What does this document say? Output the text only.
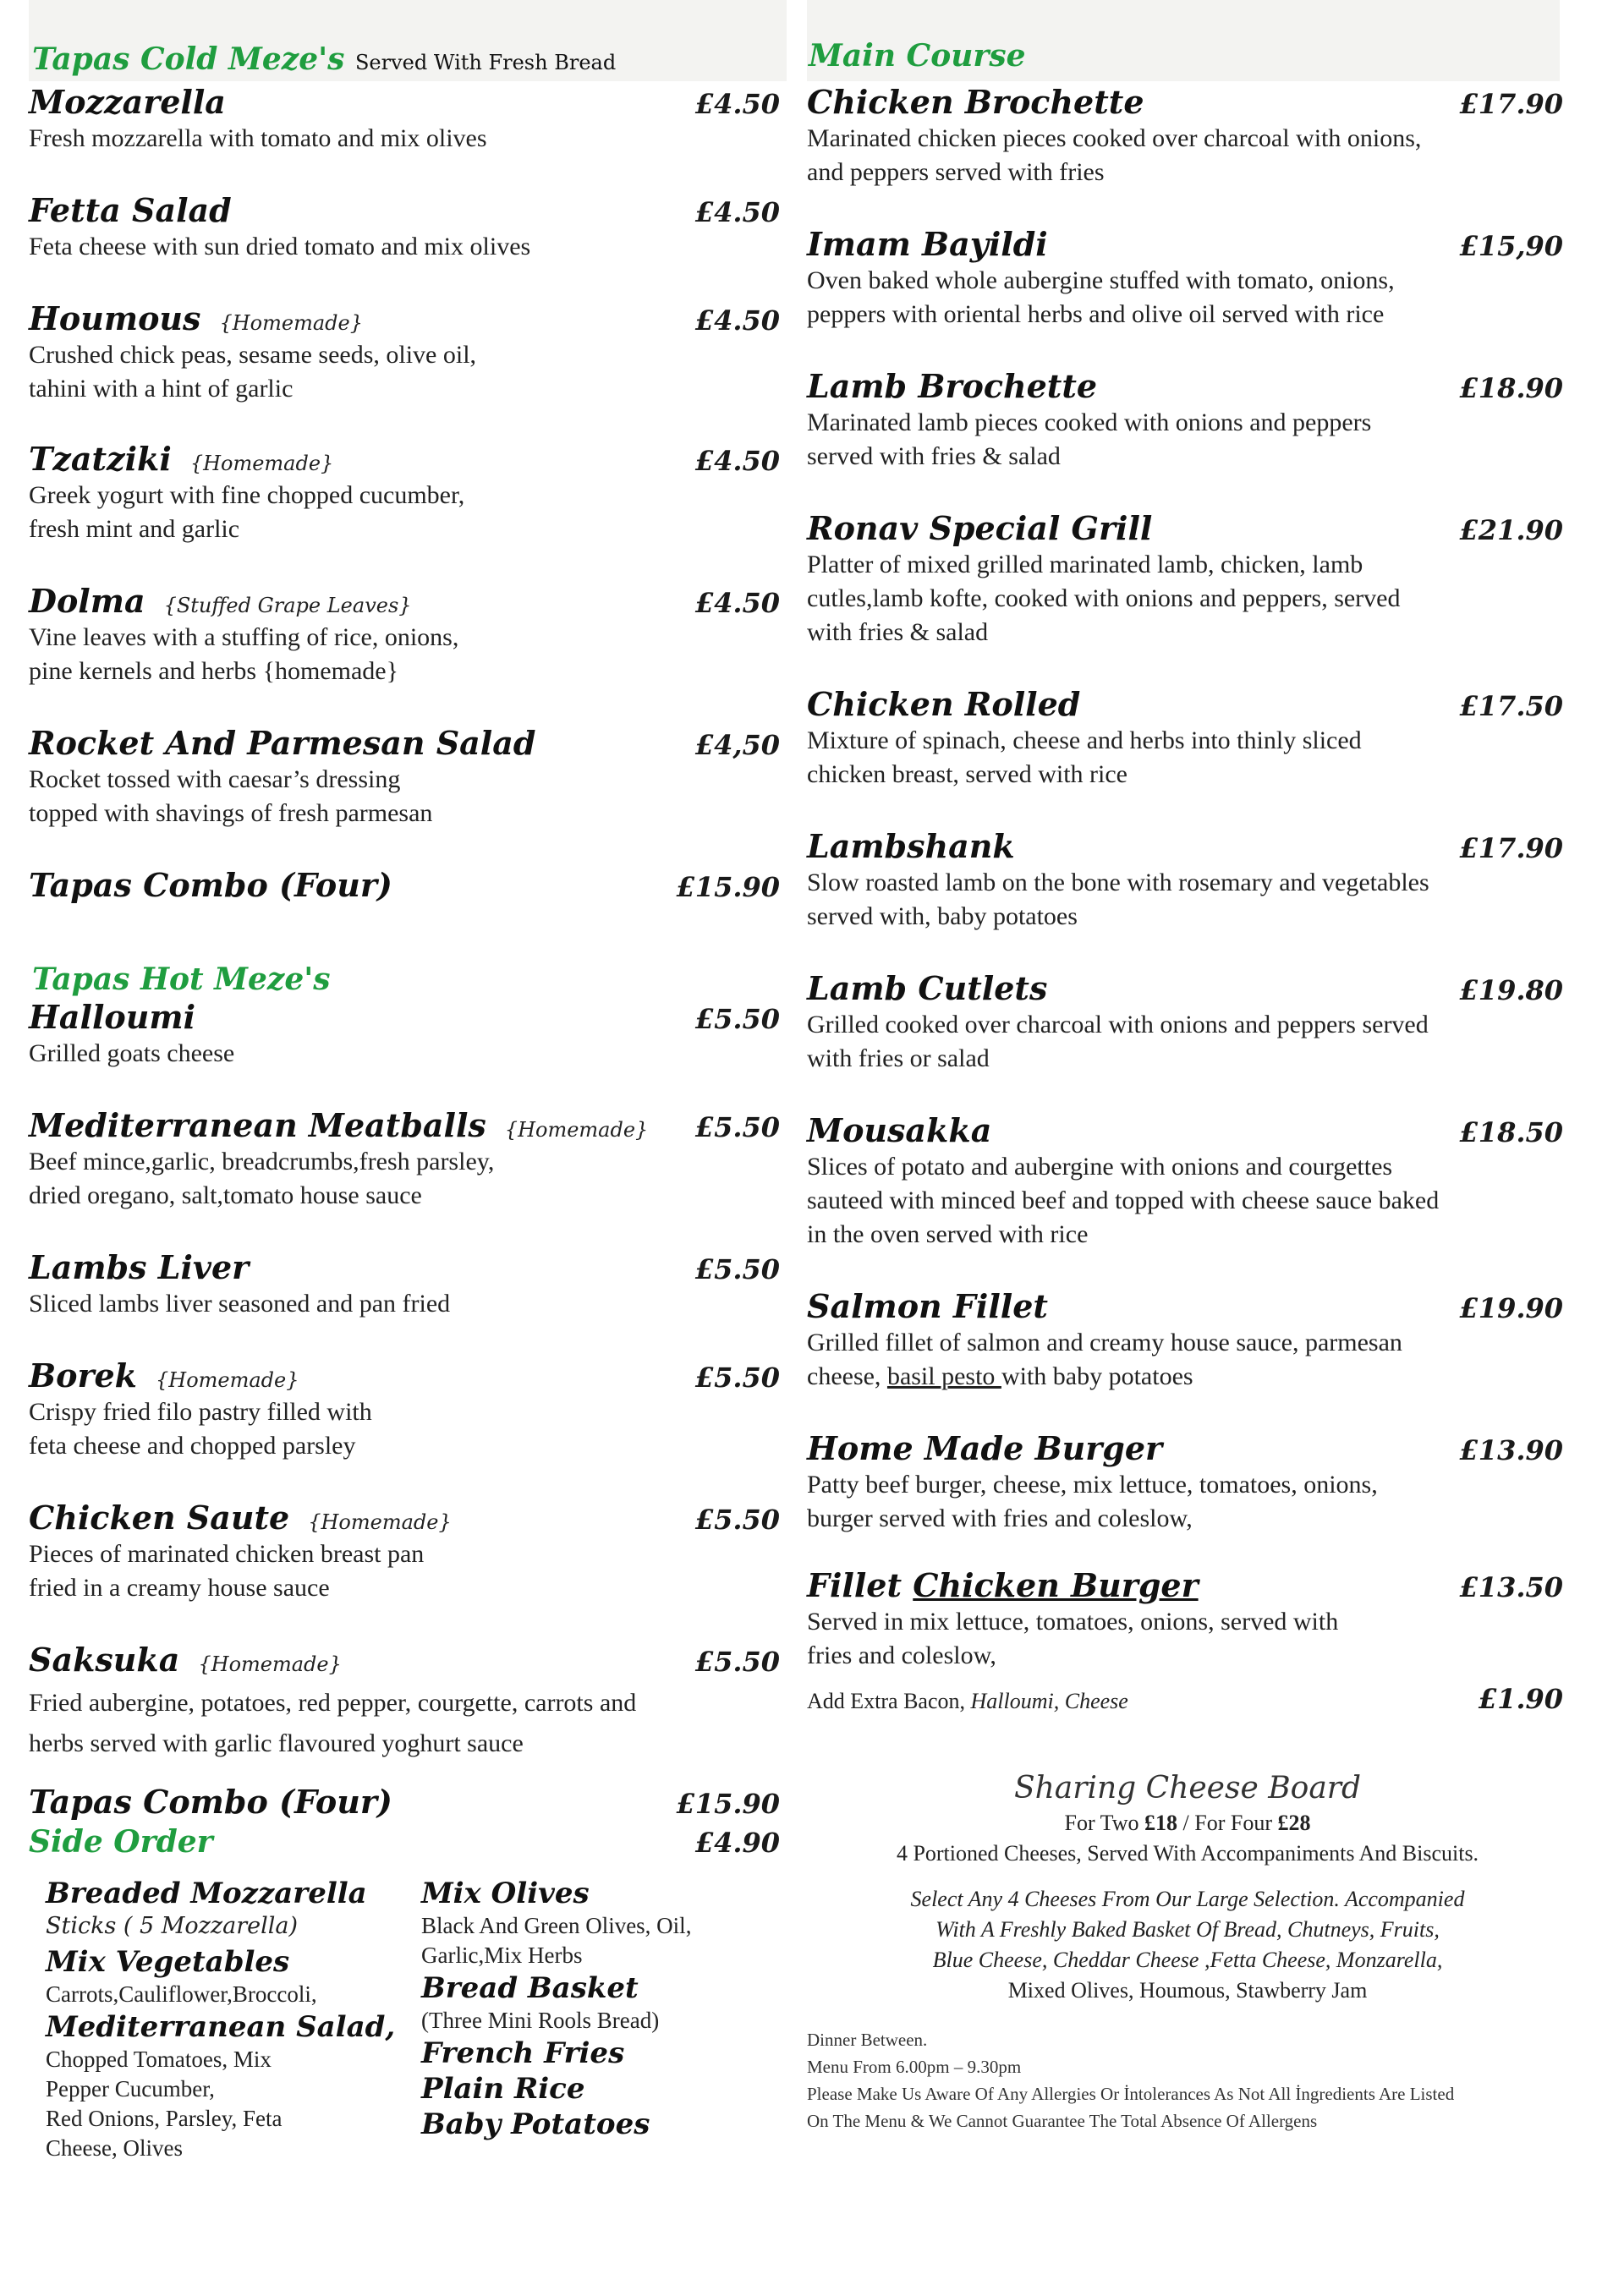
Tapas Cold Meze's Served With Fresh Bread
Mozzarella	£4.50
Fresh mozzarella with tomato and mix olives
Fetta Salad	£4.50
Feta cheese with sun dried tomato and mix olives
Houmous {Homemade}	£4.50
Crushed chick peas, sesame seeds, olive oil,
tahini with a hint of garlic
Tzatziki {Homemade}	£4.50
Greek yogurt with fine chopped cucumber,
fresh mint and garlic
Dolma {Stuffed Grape Leaves}	£4.50
Vine leaves with a stuffing of rice, onions,
pine kernels and herbs {homemade}
Rocket And Parmesan Salad	£4,50
Rocket tossed with caesar’s dressing
topped with shavings of fresh parmesan
Tapas Combo (Four)	£15.90
Tapas Hot Meze's
Halloumi	£5.50
Grilled goats cheese
Mediterranean Meatballs {Homemade} £5.50
Beef mince,garlic, breadcrumbs,fresh parsley,
dried oregano, salt,tomato house sauce
Lambs Liver	£5.50
Sliced lambs liver seasoned and pan fried
Borek {Homemade}	£5.50
Crispy fried filo pastry filled with
feta cheese and chopped parsley
Chicken Saute {Homemade}	£5.50
Pieces of marinated chicken breast pan
fried in a creamy house sauce
Saksuka {Homemade}	£5.50
Fried aubergine, potatoes, red pepper, courgette, carrots and
herbs served with garlic flavoured yoghurt sauce
Tapas Combo (Four)	£15.90
Side Order	£4.90
Breaded Mozzarella
Sticks ( 5 Mozzarella)
Mix Vegetables
Carrots,Cauliflower,Broccoli,
Mediterranean Salad,
Chopped Tomatoes, Mix
Pepper Cucumber,
Red Onions, Parsley, Feta
Cheese, Olives
Mix Olives
Black And Green Olives, Oil,
Garlic,Mix Herbs
Bread Basket
(Three Mini Rools Bread)
French Fries
Plain Rice
Baby Potatoes
Main Course
Chicken Brochette	£17.90
Marinated chicken pieces cooked over charcoal with onions,
and peppers served with fries
Imam Bayildi	£15,90
Oven baked whole aubergine stuffed with tomato, onions,
peppers with oriental herbs and olive oil served with rice
Lamb Brochette	£18.90
Marinated lamb pieces cooked with onions and peppers
served with fries & salad
Ronav Special Grill	£21.90
Platter of mixed grilled marinated lamb, chicken, lamb
cutles,lamb kofte, cooked with onions and peppers, served
with fries & salad
Chicken Rolled	£17.50
Mixture of spinach, cheese and herbs into thinly sliced
chicken breast, served with rice
Lambshank	£17.90
Slow roasted lamb on the bone with rosemary and vegetables
served with, baby potatoes
Lamb Cutlets	£19.80
Grilled cooked over charcoal with onions and peppers served
with fries or salad
Mousakka	£18.50
Slices of potato and aubergine with onions and courgettes
sauteed with minced beef and topped with cheese sauce baked
in the oven served with rice
Salmon Fillet	£19.90
Grilled fillet of salmon and creamy house sauce, parmesan
cheese, basil pesto with baby potatoes
Home Made Burger	£13.90
Patty beef burger, cheese, mix lettuce, tomatoes, onions,
burger served with fries and coleslow,
Fillet Chicken Burger	£13.50
Served in mix lettuce, tomatoes, onions, served with
fries and coleslow,
Add Extra Bacon, Halloumi, Cheese	£1.90
Sharing Cheese Board
For Two £18 / For Four £28
4 Portioned Cheeses, Served With Accompaniments And Biscuits.
Select Any 4 Cheeses From Our Large Selection. Accompanied
With A Freshly Baked Basket Of Bread, Chutneys, Fruits,
Blue Cheese, Cheddar Cheese ,Fetta Cheese, Monzarella,
Mixed Olives, Houmous, Stawberry Jam
Dinner Between.
Menu From 6.00pm – 9.30pm
Please Make Us Aware Of Any Allergies Or İntolerances As Not All İngredients Are Listed
On The Menu & We Cannot Guarantee The Total Absence Of Allergens
